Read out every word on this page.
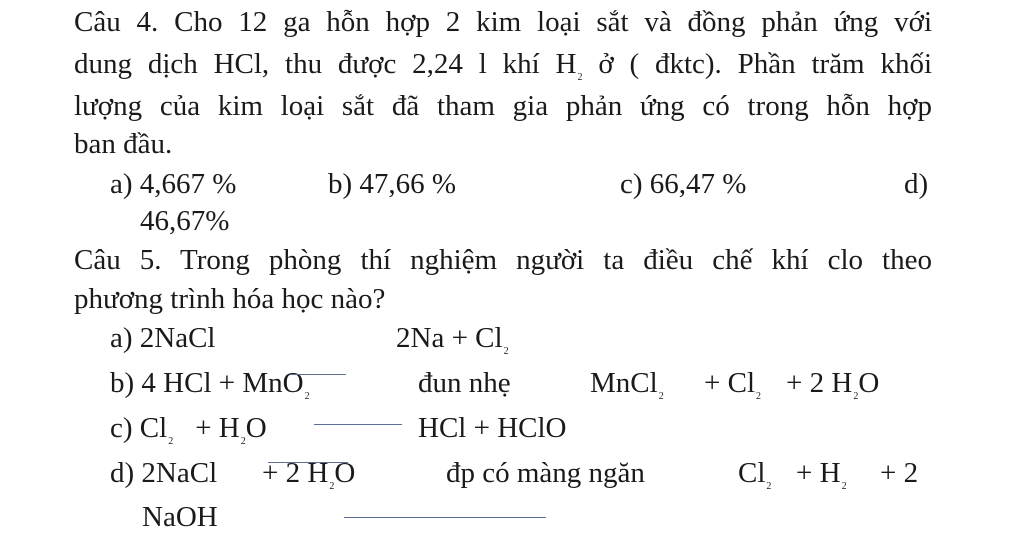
Câu 4. Cho 12 ga hỗn hợp 2 kim loại sắt và đồng phản ứng với
dung dịch HCl, thu được 2,24 l khí $H_2$ ở ( đktc). Phần trăm khối
lượng của kim loại sắt đã tham gia phản ứng có trong hỗn hợp
ban đầu.
a) 4,667 %	b) 47,66 %	c) 66,47 %	d)
46,67%
Câu 5. Trong phòng thí nghiệm người ta điều chế khí clo theo
phương trình hóa học nào?
a) 2NaCl	$2Na + Cl_2$
b) 4 HCl + MnO$_2$	đun nhẹ	MnCl$_2$ + $Cl_2 + 2$ $H_2O$
c) $Cl_2 + H_2O$	HCl + HClO
d) 2NaCl + 2 $H_2O$	đp có màng ngăn	$Cl_2 + H_2 + 2$
NaOH
